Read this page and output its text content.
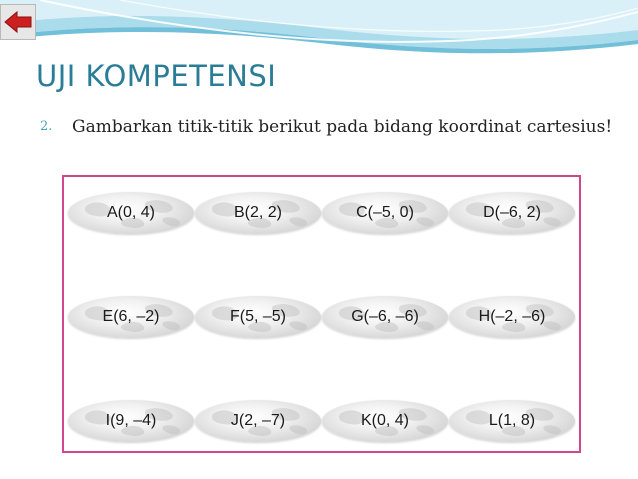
UJI KOMPETENSI
2.	Gambarkan titik-titik berikut pada bidang koordinat cartesius!
A(0, 4)	B(2, 2)	C(–5, 0)	D(–6, 2)
E(6, –2)	F(5, –5)	G(–6, –6)	H(–2, –6)
I(9, –4)	J(2, –7)	K(0, 4)	L(1, 8)
